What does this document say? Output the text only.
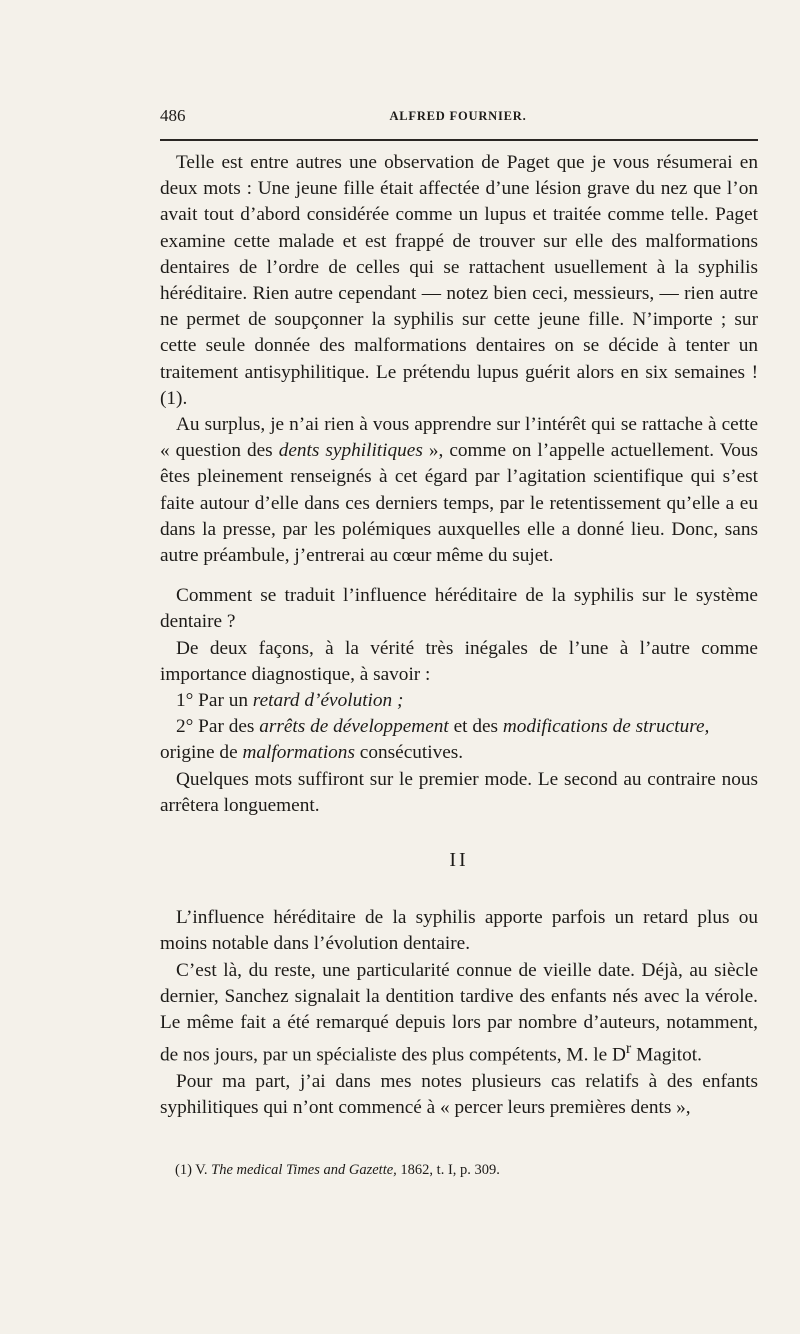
486	ALFRED FOURNIER.

Telle est entre autres une observation de Paget que je vous résumerai en deux mots : Une jeune fille était affectée d’une lésion grave du nez que l’on avait tout d’abord considérée comme un lupus et traitée comme telle. Paget examine cette malade et est frappé de trouver sur elle des malformations dentaires de l’ordre de celles qui se rattachent usuellement à la syphilis héréditaire. Rien autre cependant — notez bien ceci, messieurs, — rien autre ne permet de soupçonner la syphilis sur cette jeune fille. N’importe ; sur cette seule donnée des malformations dentaires on se décide à tenter un traitement antisyphilitique. Le prétendu lupus guérit alors en six semaines ! (1).

Au surplus, je n’ai rien à vous apprendre sur l’intérêt qui se rattache à cette « question des dents syphilitiques », comme on l’appelle actuellement. Vous êtes pleinement renseignés à cet égard par l’agitation scientifique qui s’est faite autour d’elle dans ces derniers temps, par le retentissement qu’elle a eu dans la presse, par les polémiques auxquelles elle a donné lieu. Donc, sans autre préambule, j’entrerai au cœur même du sujet.

Comment se traduit l’influence héréditaire de la syphilis sur le système dentaire ?

De deux façons, à la vérité très inégales de l’une à l’autre comme importance diagnostique, à savoir :

1° Par un retard d’évolution ;

2° Par des arrêts de développement et des modifications de structure,
origine de malformations consécutives.

Quelques mots suffiront sur le premier mode. Le second au contraire nous arrêtera longuement.

II

L’influence héréditaire de la syphilis apporte parfois un retard plus ou moins notable dans l’évolution dentaire.

C’est là, du reste, une particularité connue de vieille date. Déjà, au siècle dernier, Sanchez signalait la dentition tardive des enfants nés avec la vérole. Le même fait a été remarqué depuis lors par nombre d’auteurs, notamment, de nos jours, par un spécialiste des plus compétents, M. le $D^r$ Magitot.

Pour ma part, j’ai dans mes notes plusieurs cas relatifs à des enfants syphilitiques qui n’ont commencé à « percer leurs premières dents »,

(1) V. The medical Times and Gazette, 1862, t. I, p. 309.
